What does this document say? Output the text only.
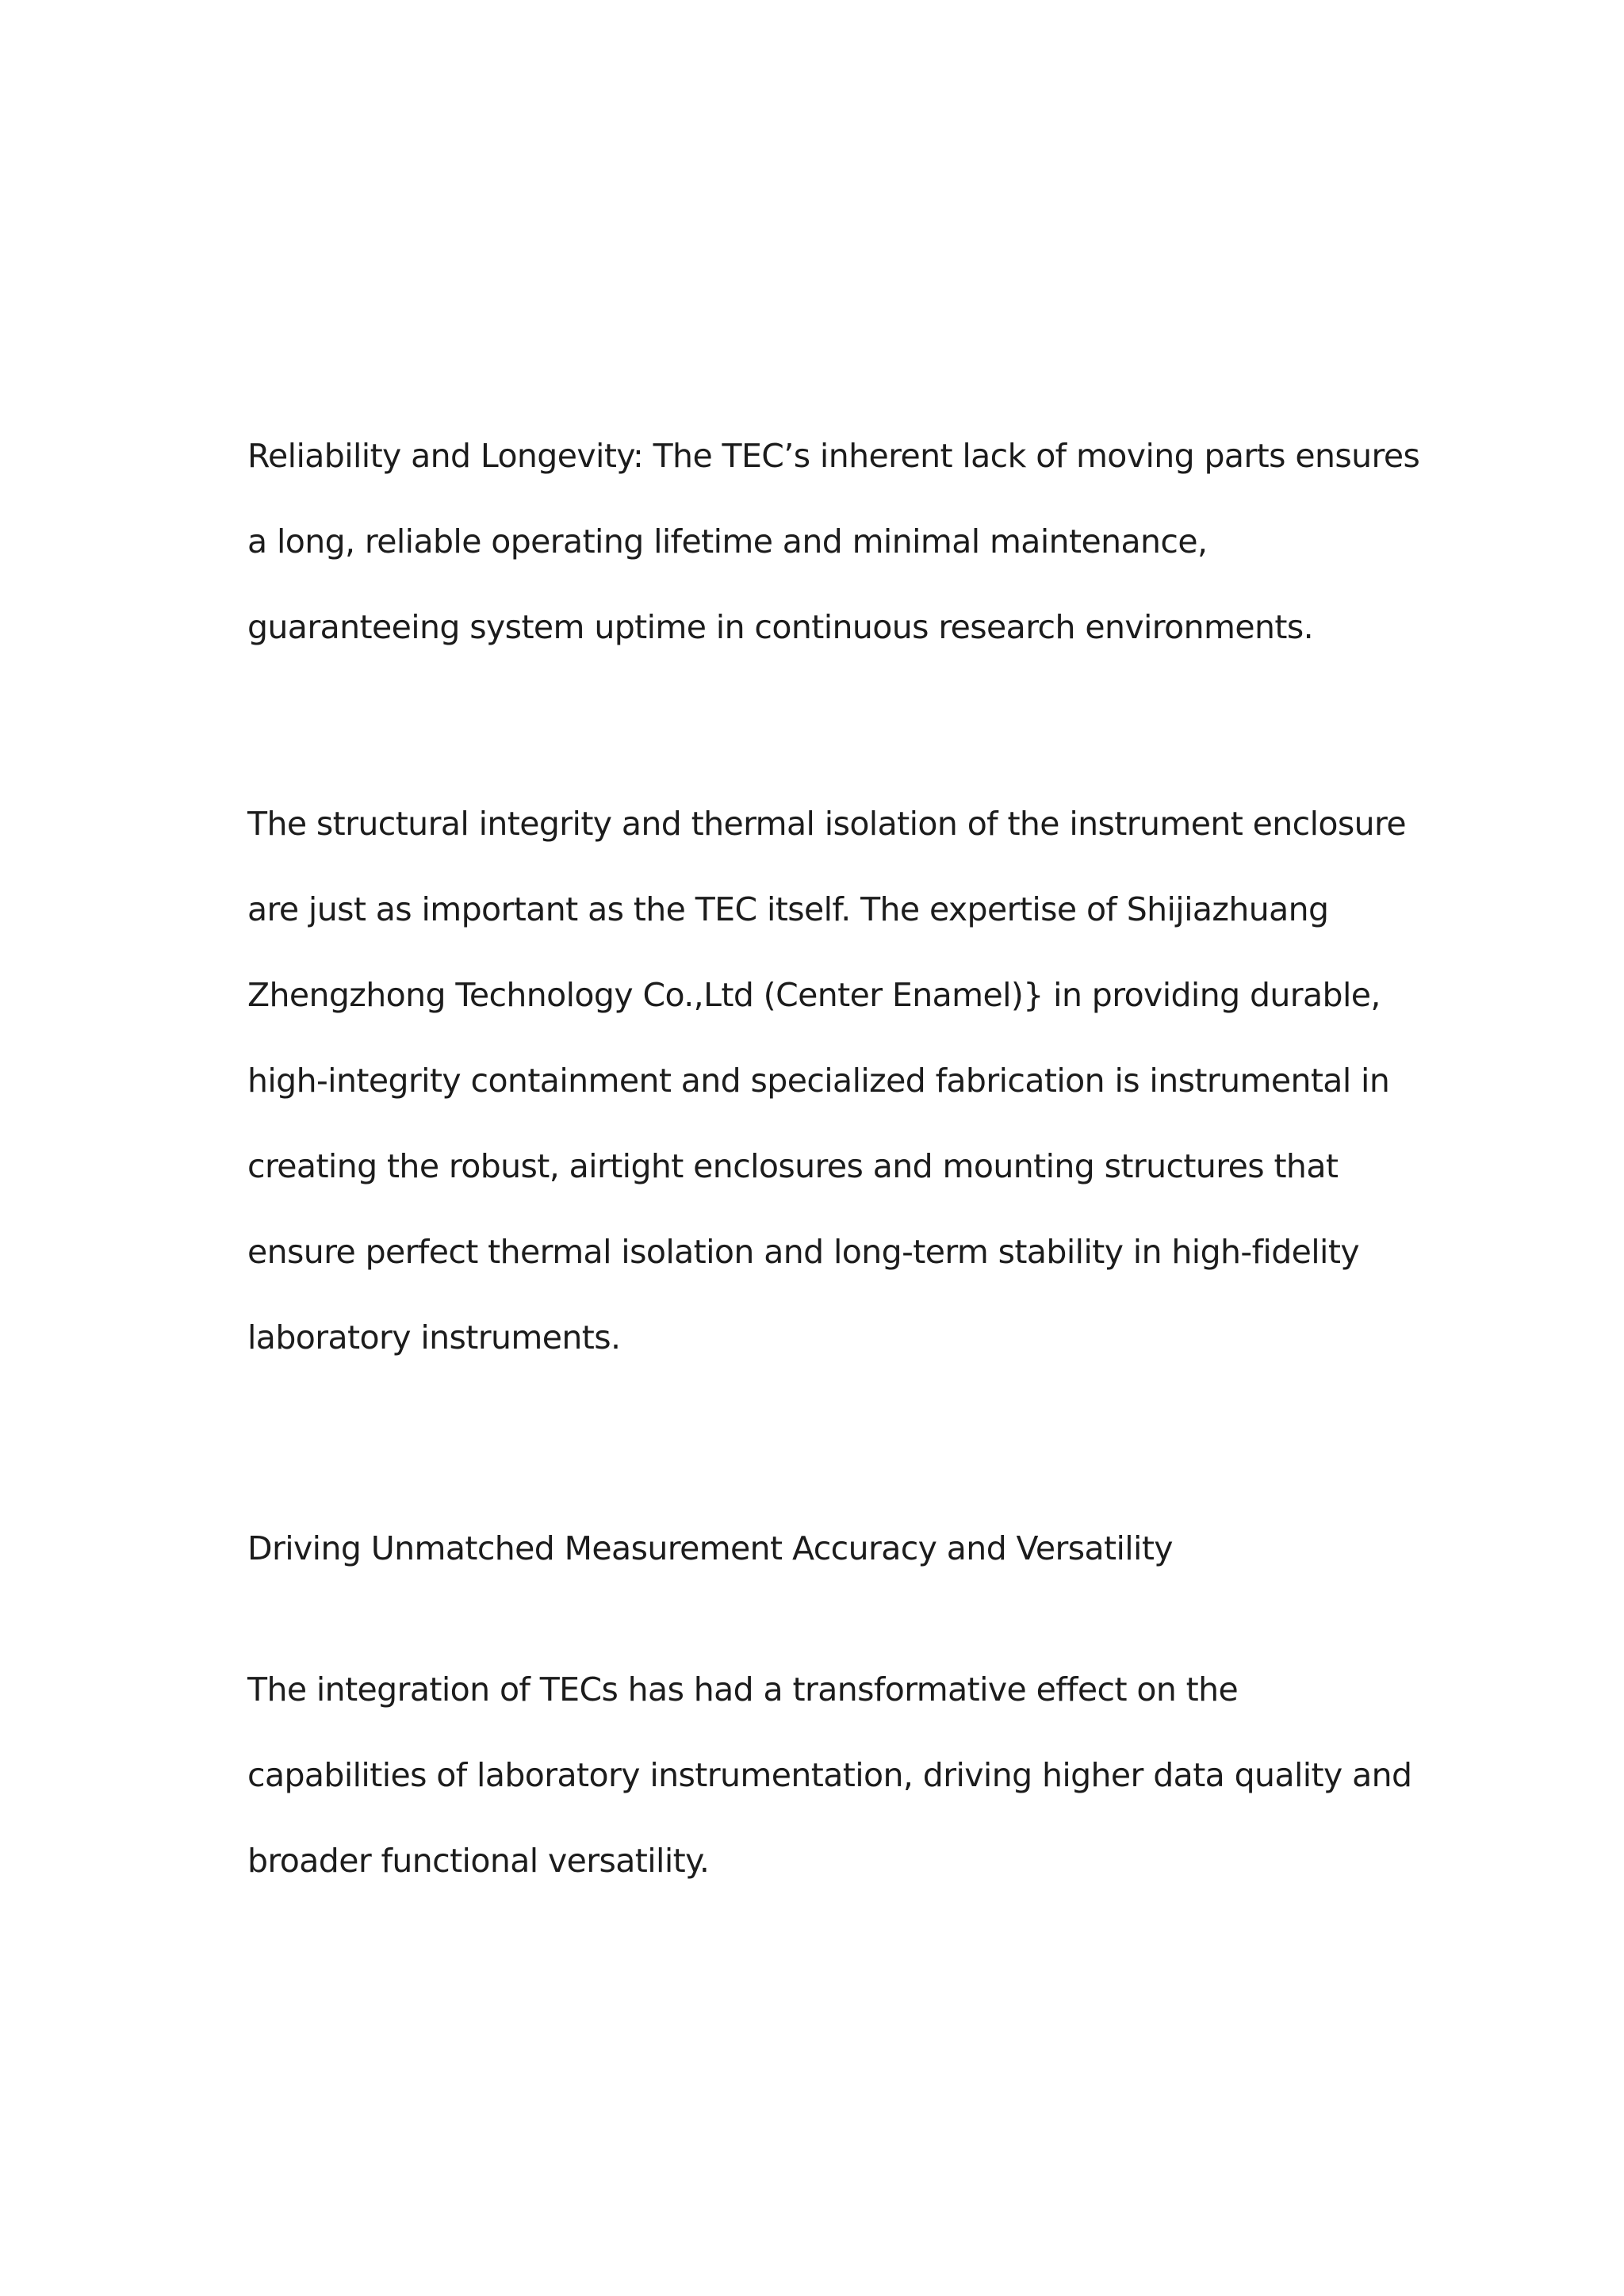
Reliability and Longevity: The TEC’s inherent lack of moving parts ensures
a long, reliable operating lifetime and minimal maintenance,
guaranteeing system uptime in continuous research environments.

The structural integrity and thermal isolation of the instrument enclosure
are just as important as the TEC itself. The expertise of Shijiazhuang
Zhengzhong Technology Co.,Ltd (Center Enamel)} in providing durable,
high-integrity containment and specialized fabrication is instrumental in
creating the robust, airtight enclosures and mounting structures that
ensure perfect thermal isolation and long-term stability in high-fidelity
laboratory instruments.

Driving Unmatched Measurement Accuracy and Versatility

The integration of TECs has had a transformative effect on the
capabilities of laboratory instrumentation, driving higher data quality and
broader functional versatility.
